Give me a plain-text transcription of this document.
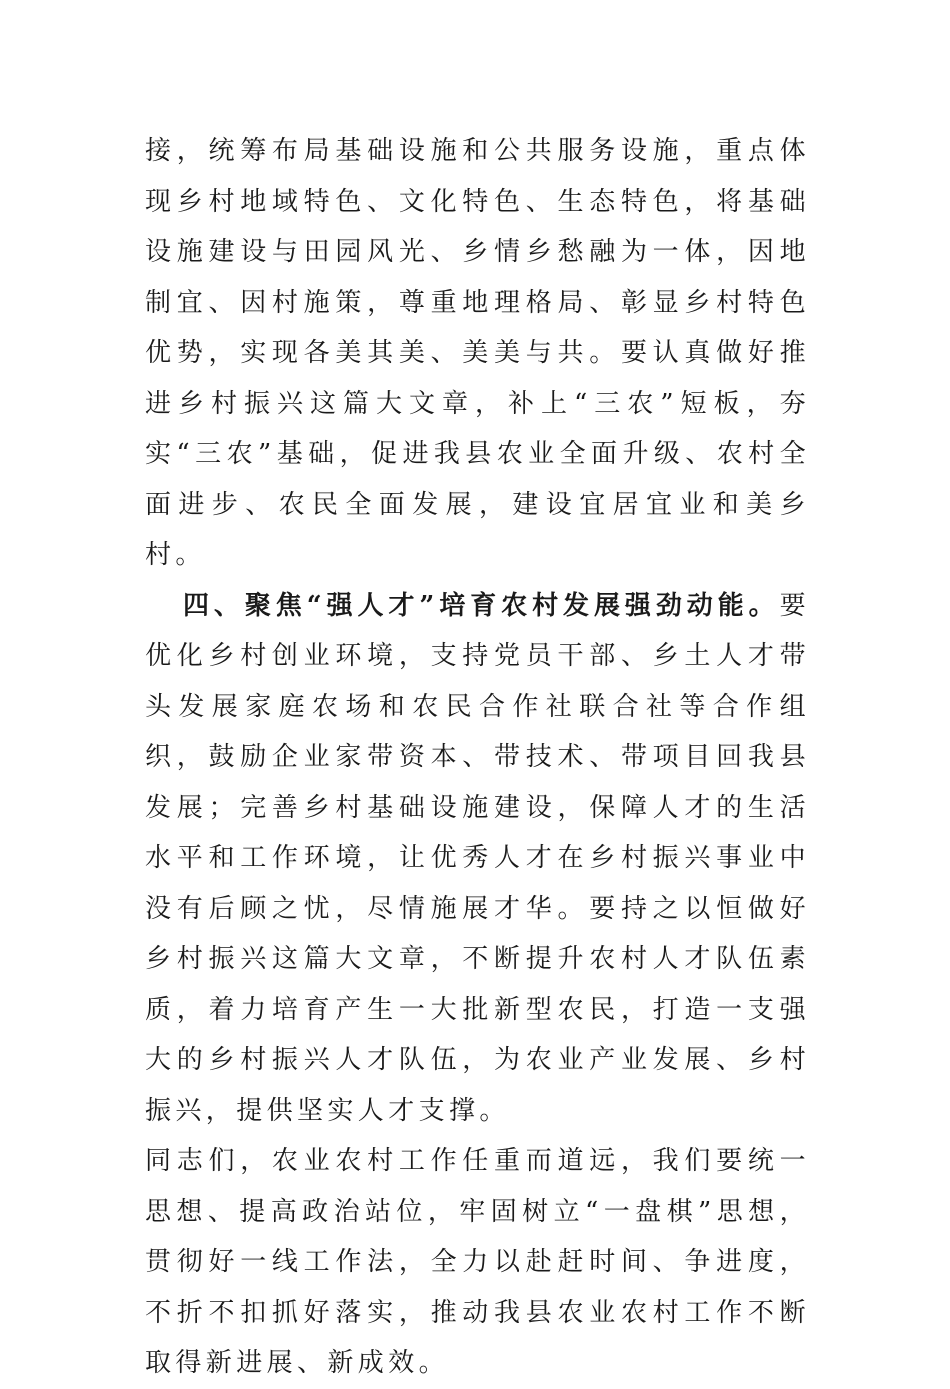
接，统筹布局基础设施和公共服务设施，重点体现乡村地域特色、文化特色、生态特色，将基础设施建设与田园风光、乡情乡愁融为一体，因地制宜、因村施策，尊重地理格局、彰显乡村特色优势，实现各美其美、美美与共。要认真做好推进乡村振兴这篇大文章，补上“三农”短板，夯实“三农”基础，促进我县农业全面升级、农村全面进步、农民全面发展，建设宜居宜业和美乡村。

四、聚焦“强人才”培育农村发展强劲动能。要优化乡村创业环境，支持党员干部、乡土人才带头发展家庭农场和农民合作社联合社等合作组织，鼓励企业家带资本、带技术、带项目回我县发展；完善乡村基础设施建设，保障人才的生活水平和工作环境，让优秀人才在乡村振兴事业中没有后顾之忧，尽情施展才华。要持之以恒做好乡村振兴这篇大文章，不断提升农村人才队伍素质，着力培育产生一大批新型农民，打造一支强大的乡村振兴人才队伍，为农业产业发展、乡村振兴，提供坚实人才支撑。

同志们，农业农村工作任重而道远，我们要统一思想、提高政治站位，牢固树立“一盘棋”思想，贯彻好一线工作法，全力以赴赶时间、争进度，不折不扣抓好落实，推动我县农业农村工作不断取得新进展、新成效。
